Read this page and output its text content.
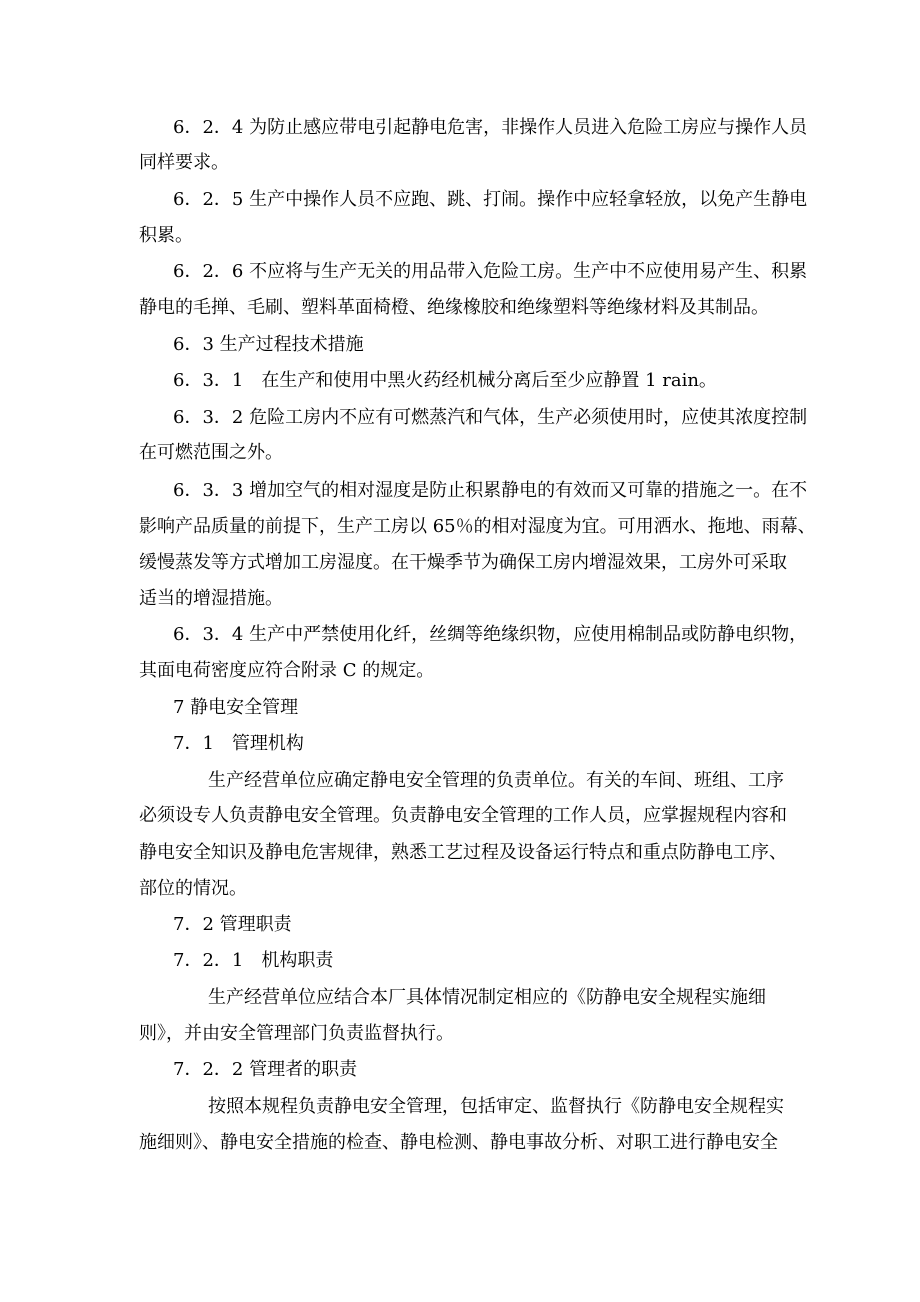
6．2．4 为防止感应带电引起静电危害，非操作人员进入危险工房应与操作人员
同样要求。
6．2．5 生产中操作人员不应跑、跳、打闹。操作中应轻拿轻放，以免产生静电
积累。
6．2．6 不应将与生产无关的用品带入危险工房。生产中不应使用易产生、积累
静电的毛掸、毛刷、塑料革面椅橙、绝缘橡胶和绝缘塑料等绝缘材料及其制品。
6．3 生产过程技术措施
6．3．1　在生产和使用中黑火药经机械分离后至少应静置 1 rain。
6．3．2 危险工房内不应有可燃蒸汽和气体，生产必须使用时，应使其浓度控制
在可燃范围之外。
6．3．3 增加空气的相对湿度是防止积累静电的有效而又可靠的措施之一。在不
影响产品质量的前提下，生产工房以 65％的相对湿度为宜。可用洒水、拖地、雨幕、
缓慢蒸发等方式增加工房湿度。在干燥季节为确保工房内增湿效果，工房外可采取
适当的增湿措施。
6．3．4 生产中严禁使用化纤，丝绸等绝缘织物，应使用棉制品或防静电织物，
其面电荷密度应符合附录 C 的规定。
7 静电安全管理
7．1　管理机构
生产经营单位应确定静电安全管理的负责单位。有关的车间、班组、工序
必须设专人负责静电安全管理。负责静电安全管理的工作人员，应掌握规程内容和
静电安全知识及静电危害规律，熟悉工艺过程及设备运行特点和重点防静电工序、
部位的情况。
7．2 管理职责
7．2．1　机构职责
生产经营单位应结合本厂具体情况制定相应的《防静电安全规程实施细
则》，并由安全管理部门负责监督执行。
7．2．2 管理者的职责
按照本规程负责静电安全管理，包括审定、监督执行《防静电安全规程实
施细则》、静电安全措施的检查、静电检测、静电事故分析、对职工进行静电安全
